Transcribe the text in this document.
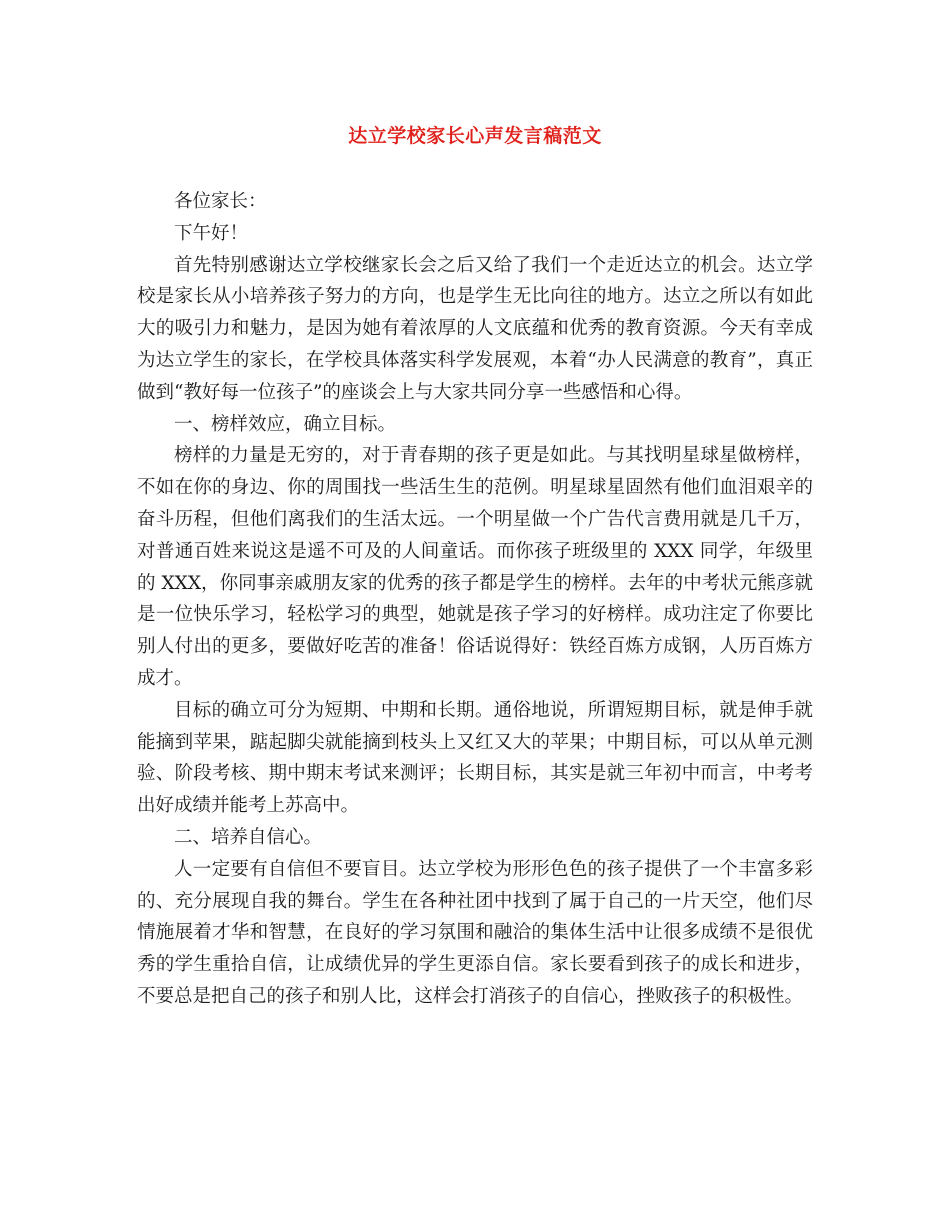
达立学校家长心声发言稿范文

各位家长：

下午好！

首先特别感谢达立学校继家长会之后又给了我们一个走近达立的机会。达立学校是家长从小培养孩子努力的方向，也是学生无比向往的地方。达立之所以有如此大的吸引力和魅力，是因为她有着浓厚的人文底蕴和优秀的教育资源。今天有幸成为达立学生的家长，在学校具体落实科学发展观，本着“办人民满意的教育”，真正做到“教好每一位孩子”的座谈会上与大家共同分享一些感悟和心得。

一、榜样效应，确立目标。

榜样的力量是无穷的，对于青春期的孩子更是如此。与其找明星球星做榜样，不如在你的身边、你的周围找一些活生生的范例。明星球星固然有他们血泪艰辛的奋斗历程，但他们离我们的生活太远。一个明星做一个广告代言费用就是几千万，对普通百姓来说这是遥不可及的人间童话。而你孩子班级里的 XXX 同学，年级里的 XXX，你同事亲戚朋友家的优秀的孩子都是学生的榜样。去年的中考状元熊彦就是一位快乐学习，轻松学习的典型，她就是孩子学习的好榜样。成功注定了你要比别人付出的更多，要做好吃苦的准备！俗话说得好：铁经百炼方成钢，人历百炼方成才。

目标的确立可分为短期、中期和长期。通俗地说，所谓短期目标，就是伸手就能摘到苹果，踮起脚尖就能摘到枝头上又红又大的苹果；中期目标，可以从单元测验、阶段考核、期中期末考试来测评；长期目标，其实是就三年初中而言，中考考出好成绩并能考上苏高中。

二、培养自信心。

人一定要有自信但不要盲目。达立学校为形形色色的孩子提供了一个丰富多彩的、充分展现自我的舞台。学生在各种社团中找到了属于自己的一片天空，他们尽情施展着才华和智慧，在良好的学习氛围和融洽的集体生活中让很多成绩不是很优秀的学生重拾自信，让成绩优异的学生更添自信。家长要看到孩子的成长和进步，不要总是把自己的孩子和别人比，这样会打消孩子的自信心，挫败孩子的积极性。
